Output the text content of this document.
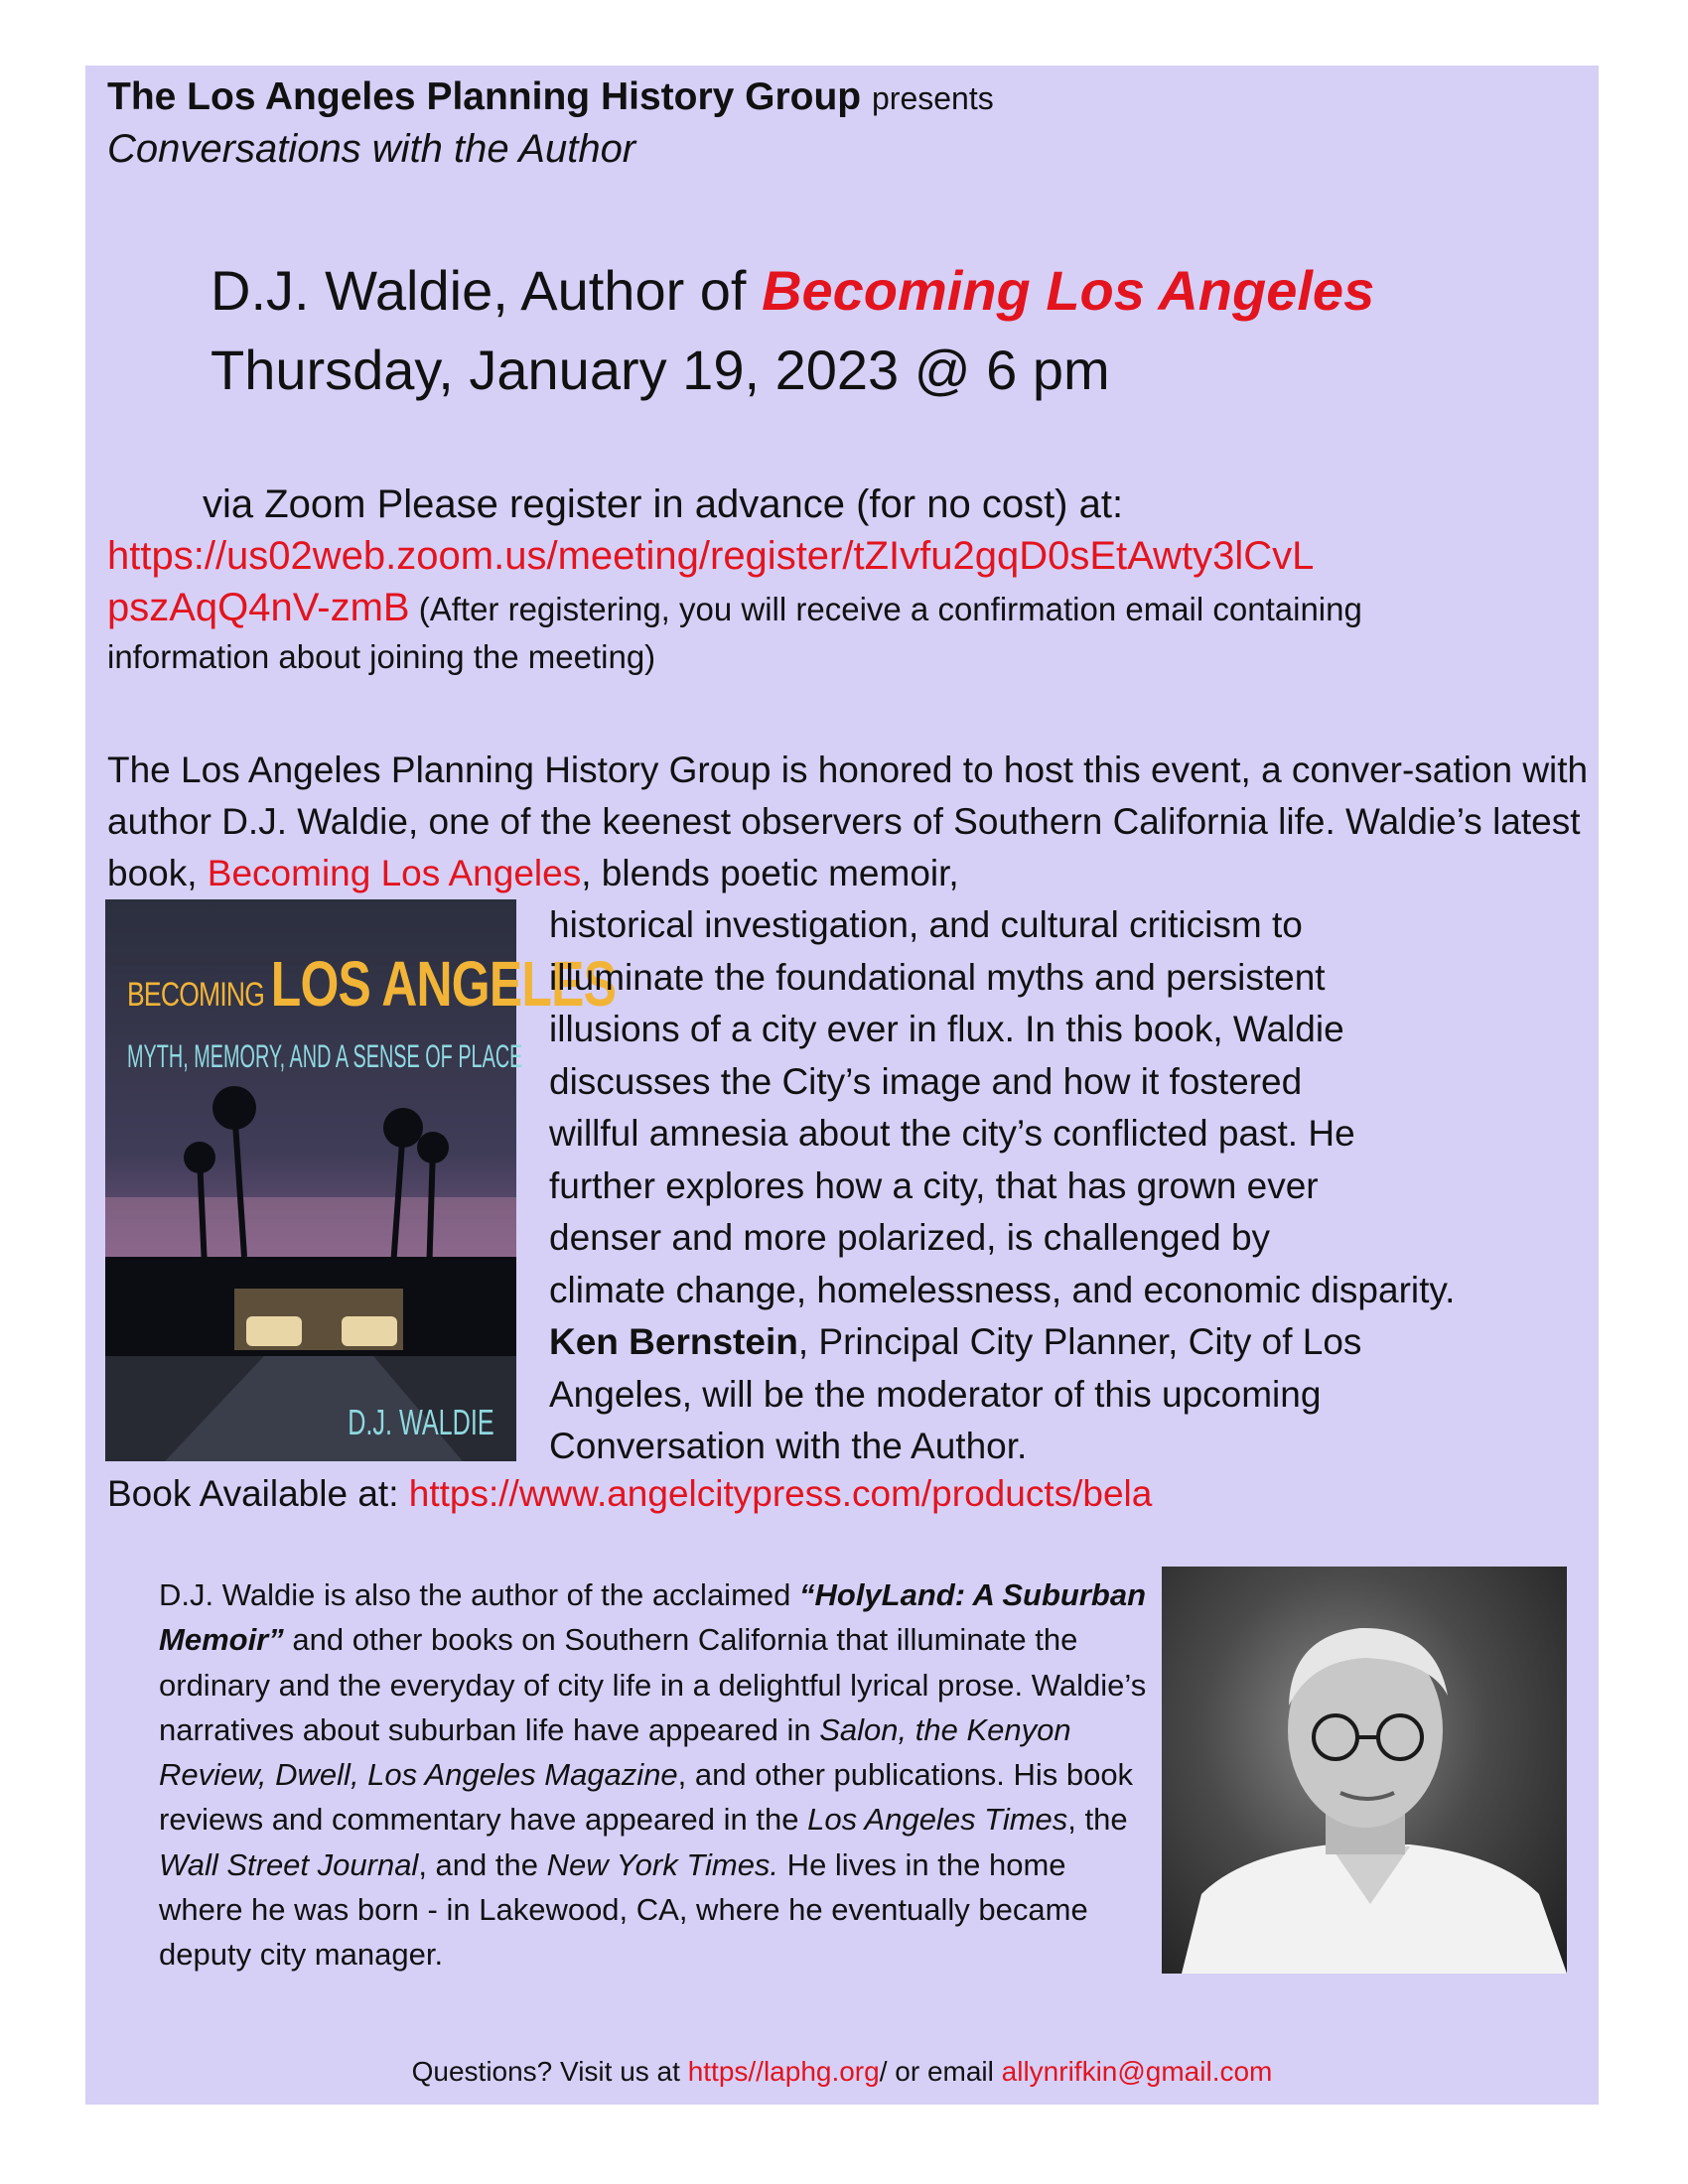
The Los Angeles Planning History Group presents
Conversations with the Author
D.J. Waldie, Author of Becoming Los Angeles
Thursday, January 19, 2023 @ 6 pm
via Zoom Please register in advance (for no cost) at:
https://us02web.zoom.us/meeting/register/tZIvfu2gqD0sEtAwty3lCvL
pszAqQ4nV-zmB (After registering, you will receive a confirmation email containing
information about joining the meeting)
The Los Angeles Planning History Group is honored to host this event, a conver-sation with author D.J. Waldie, one of the keenest observers of Southern California life. Waldie’s latest book, Becoming Los Angeles, blends poetic memoir,
BECOMING LOS ANGELES
MYTH, MEMORY, AND A SENSE OF PLACE
D.J. WALDIE
historical investigation, and cultural criticism to
illuminate the foundational myths and persistent
illusions of a city ever in flux. In this book, Waldie
discusses the City’s image and how it fostered
willful amnesia about the city’s conflicted past. He
further explores how a city, that has grown ever
denser and more polarized, is challenged by
climate change, homelessness, and economic disparity.
Ken Bernstein, Principal City Planner, City of Los
Angeles, will be the moderator of this upcoming
Conversation with the Author.
Book Available at: https://www.angelcitypress.com/products/bela
D.J. Waldie is also the author of the acclaimed “HolyLand: A Suburban Memoir” and other books on Southern California that illuminate the ordinary and the everyday of city life in a delightful lyrical prose. Waldie’s narratives about suburban life have appeared in Salon, the Kenyon Review, Dwell, Los Angeles Magazine, and other publications. His book reviews and commentary have appeared in the Los Angeles Times, the Wall Street Journal, and the New York Times. He lives in the home where he was born - in Lakewood, CA, where he eventually became deputy city manager.
Questions? Visit us at https//laphg.org/ or email allynrifkin@gmail.com
